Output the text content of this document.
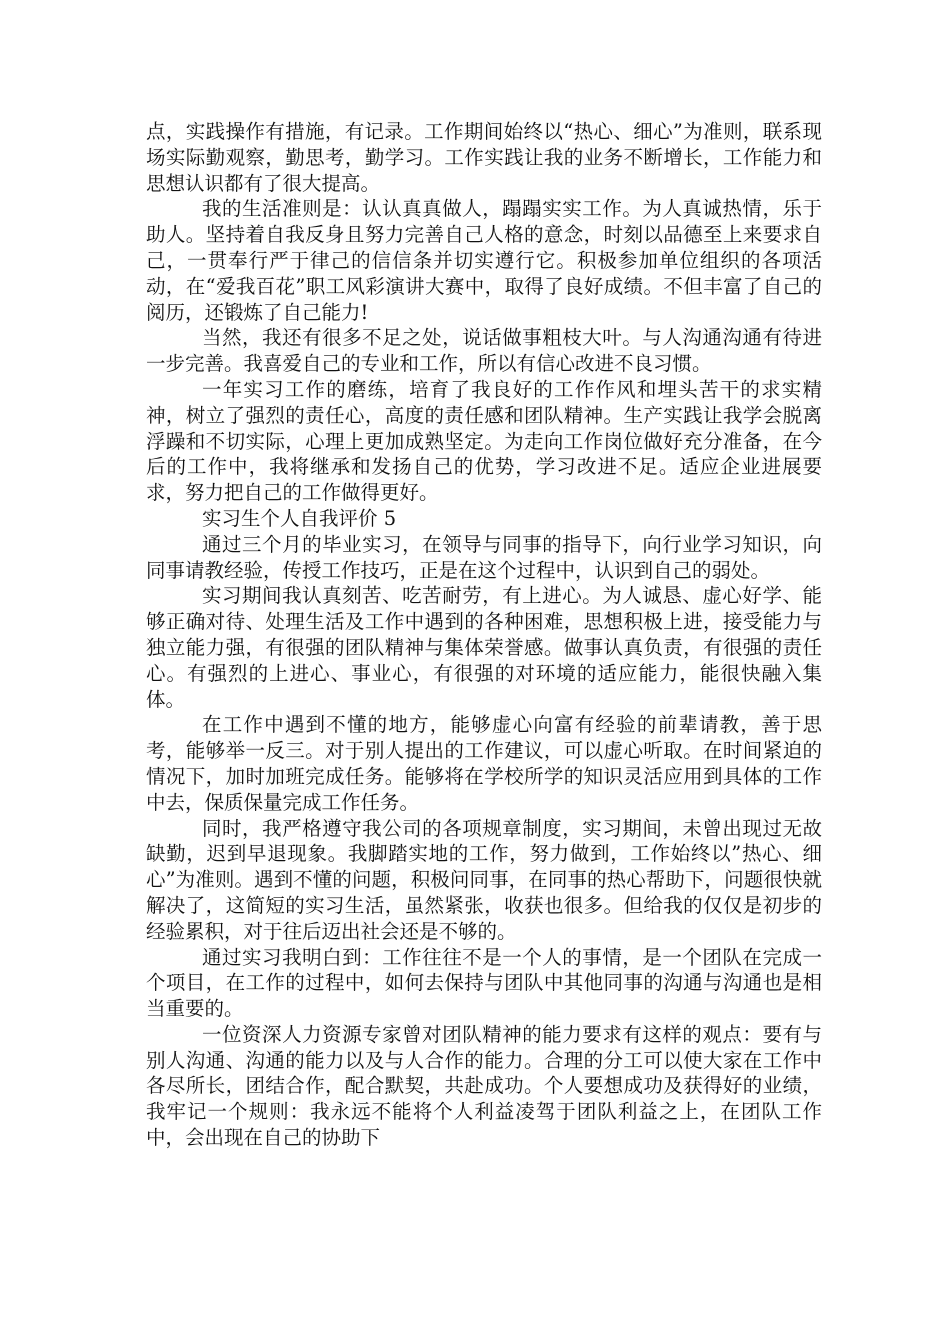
点，实践操作有措施，有记录。工作期间始终以“热心、细心”为准则，联系现场实际勤观察，勤思考，勤学习。工作实践让我的业务不断增长，工作能力和思想认识都有了很大提高。

我的生活准则是：认认真真做人，蹋蹋实实工作。为人真诚热情，乐于助人。坚持着自我反身且努力完善自己人格的意念，时刻以品德至上来要求自己，一贯奉行严于律己的信信条并切实遵行它。积极参加单位组织的各项活动，在“爱我百花”职工风彩演讲大赛中，取得了良好成绩。不但丰富了自己的阅历，还锻炼了自己能力!

当然，我还有很多不足之处，说话做事粗枝大叶。与人沟通沟通有待进一步完善。我喜爱自己的专业和工作，所以有信心改进不良习惯。

一年实习工作的磨练，培育了我良好的工作作风和埋头苦干的求实精神，树立了强烈的责任心，高度的责任感和团队精神。生产实践让我学会脱离浮躁和不切实际，心理上更加成熟坚定。为走向工作岗位做好充分准备，在今后的工作中，我将继承和发扬自己的优势，学习改进不足。适应企业进展要求，努力把自己的工作做得更好。

实习生个人自我评价 5

通过三个月的毕业实习，在领导与同事的指导下，向行业学习知识，向同事请教经验，传授工作技巧，正是在这个过程中，认识到自己的弱处。

实习期间我认真刻苦、吃苦耐劳，有上进心。为人诚恳、虚心好学、能够正确对待、处理生活及工作中遇到的各种困难，思想积极上进，接受能力与独立能力强，有很强的团队精神与集体荣誉感。做事认真负责，有很强的责任心。有强烈的上进心、事业心，有很强的对环境的适应能力，能很快融入集体。

在工作中遇到不懂的地方，能够虚心向富有经验的前辈请教，善于思考，能够举一反三。对于别人提出的工作建议，可以虚心听取。在时间紧迫的情况下，加时加班完成任务。能够将在学校所学的知识灵活应用到具体的工作中去，保质保量完成工作任务。

同时，我严格遵守我公司的各项规章制度，实习期间，未曾出现过无故缺勤，迟到早退现象。我脚踏实地的工作，努力做到，工作始终以”热心、细心”为准则。遇到不懂的问题，积极问同事，在同事的热心帮助下，问题很快就解决了，这简短的实习生活，虽然紧张，收获也很多。但给我的仅仅是初步的经验累积，对于往后迈出社会还是不够的。

通过实习我明白到：工作往往不是一个人的事情，是一个团队在完成一个项目，在工作的过程中，如何去保持与团队中其他同事的沟通与沟通也是相当重要的。

一位资深人力资源专家曾对团队精神的能力要求有这样的观点：要有与别人沟通、沟通的能力以及与人合作的能力。合理的分工可以使大家在工作中各尽所长，团结合作，配合默契，共赴成功。个人要想成功及获得好的业绩，我牢记一个规则：我永远不能将个人利益凌驾于团队利益之上，在团队工作中，会出现在自己的协助下
